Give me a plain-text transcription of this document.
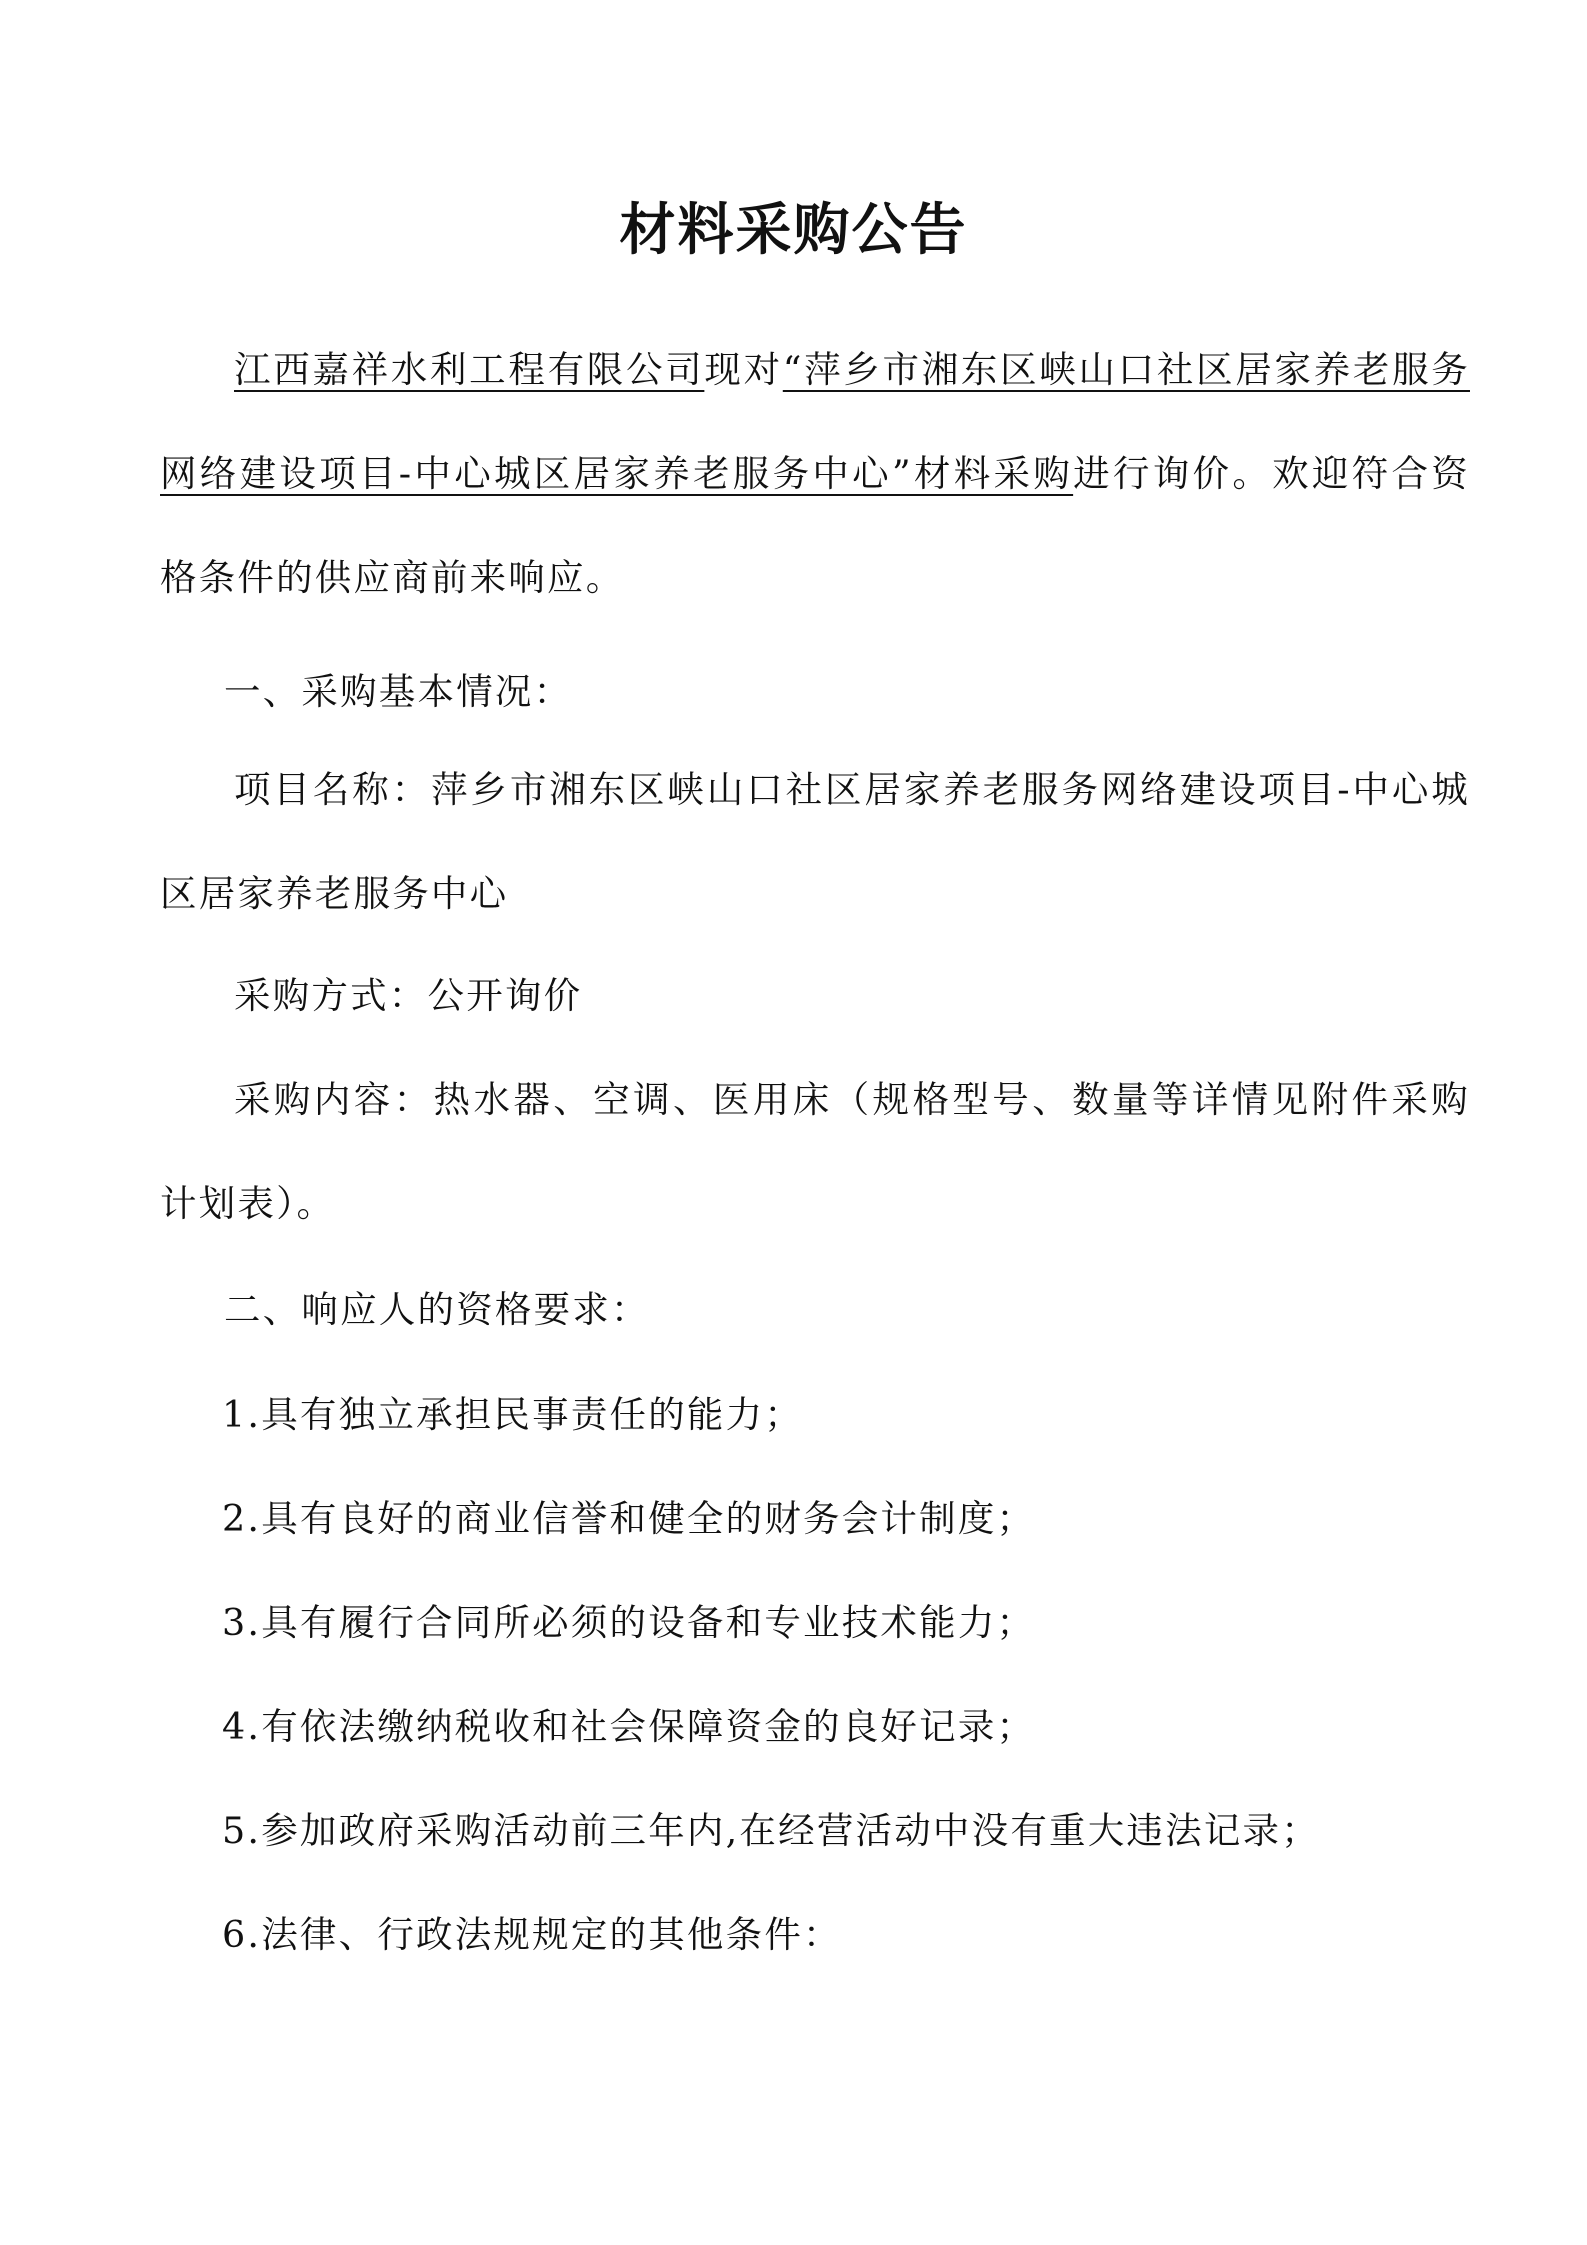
材料采购公告
江西嘉祥水利工程有限公司现对“萍乡市湘东区峡山口社区居家养老服务网络建设项目-中心城区居家养老服务中心”材料采购进行询价。欢迎符合资格条件的供应商前来响应。
一、采购基本情况：
项目名称：萍乡市湘东区峡山口社区居家养老服务网络建设项目-中心城区居家养老服务中心
采购方式：公开询价
采购内容：热水器、空调、医用床（规格型号、数量等详情见附件采购计划表）。
二、响应人的资格要求：
1.具有独立承担民事责任的能力；
2.具有良好的商业信誉和健全的财务会计制度；
3.具有履行合同所必须的设备和专业技术能力；
4.有依法缴纳税收和社会保障资金的良好记录；
5.参加政府采购活动前三年内,在经营活动中没有重大违法记录；
6.法律、行政法规规定的其他条件：
